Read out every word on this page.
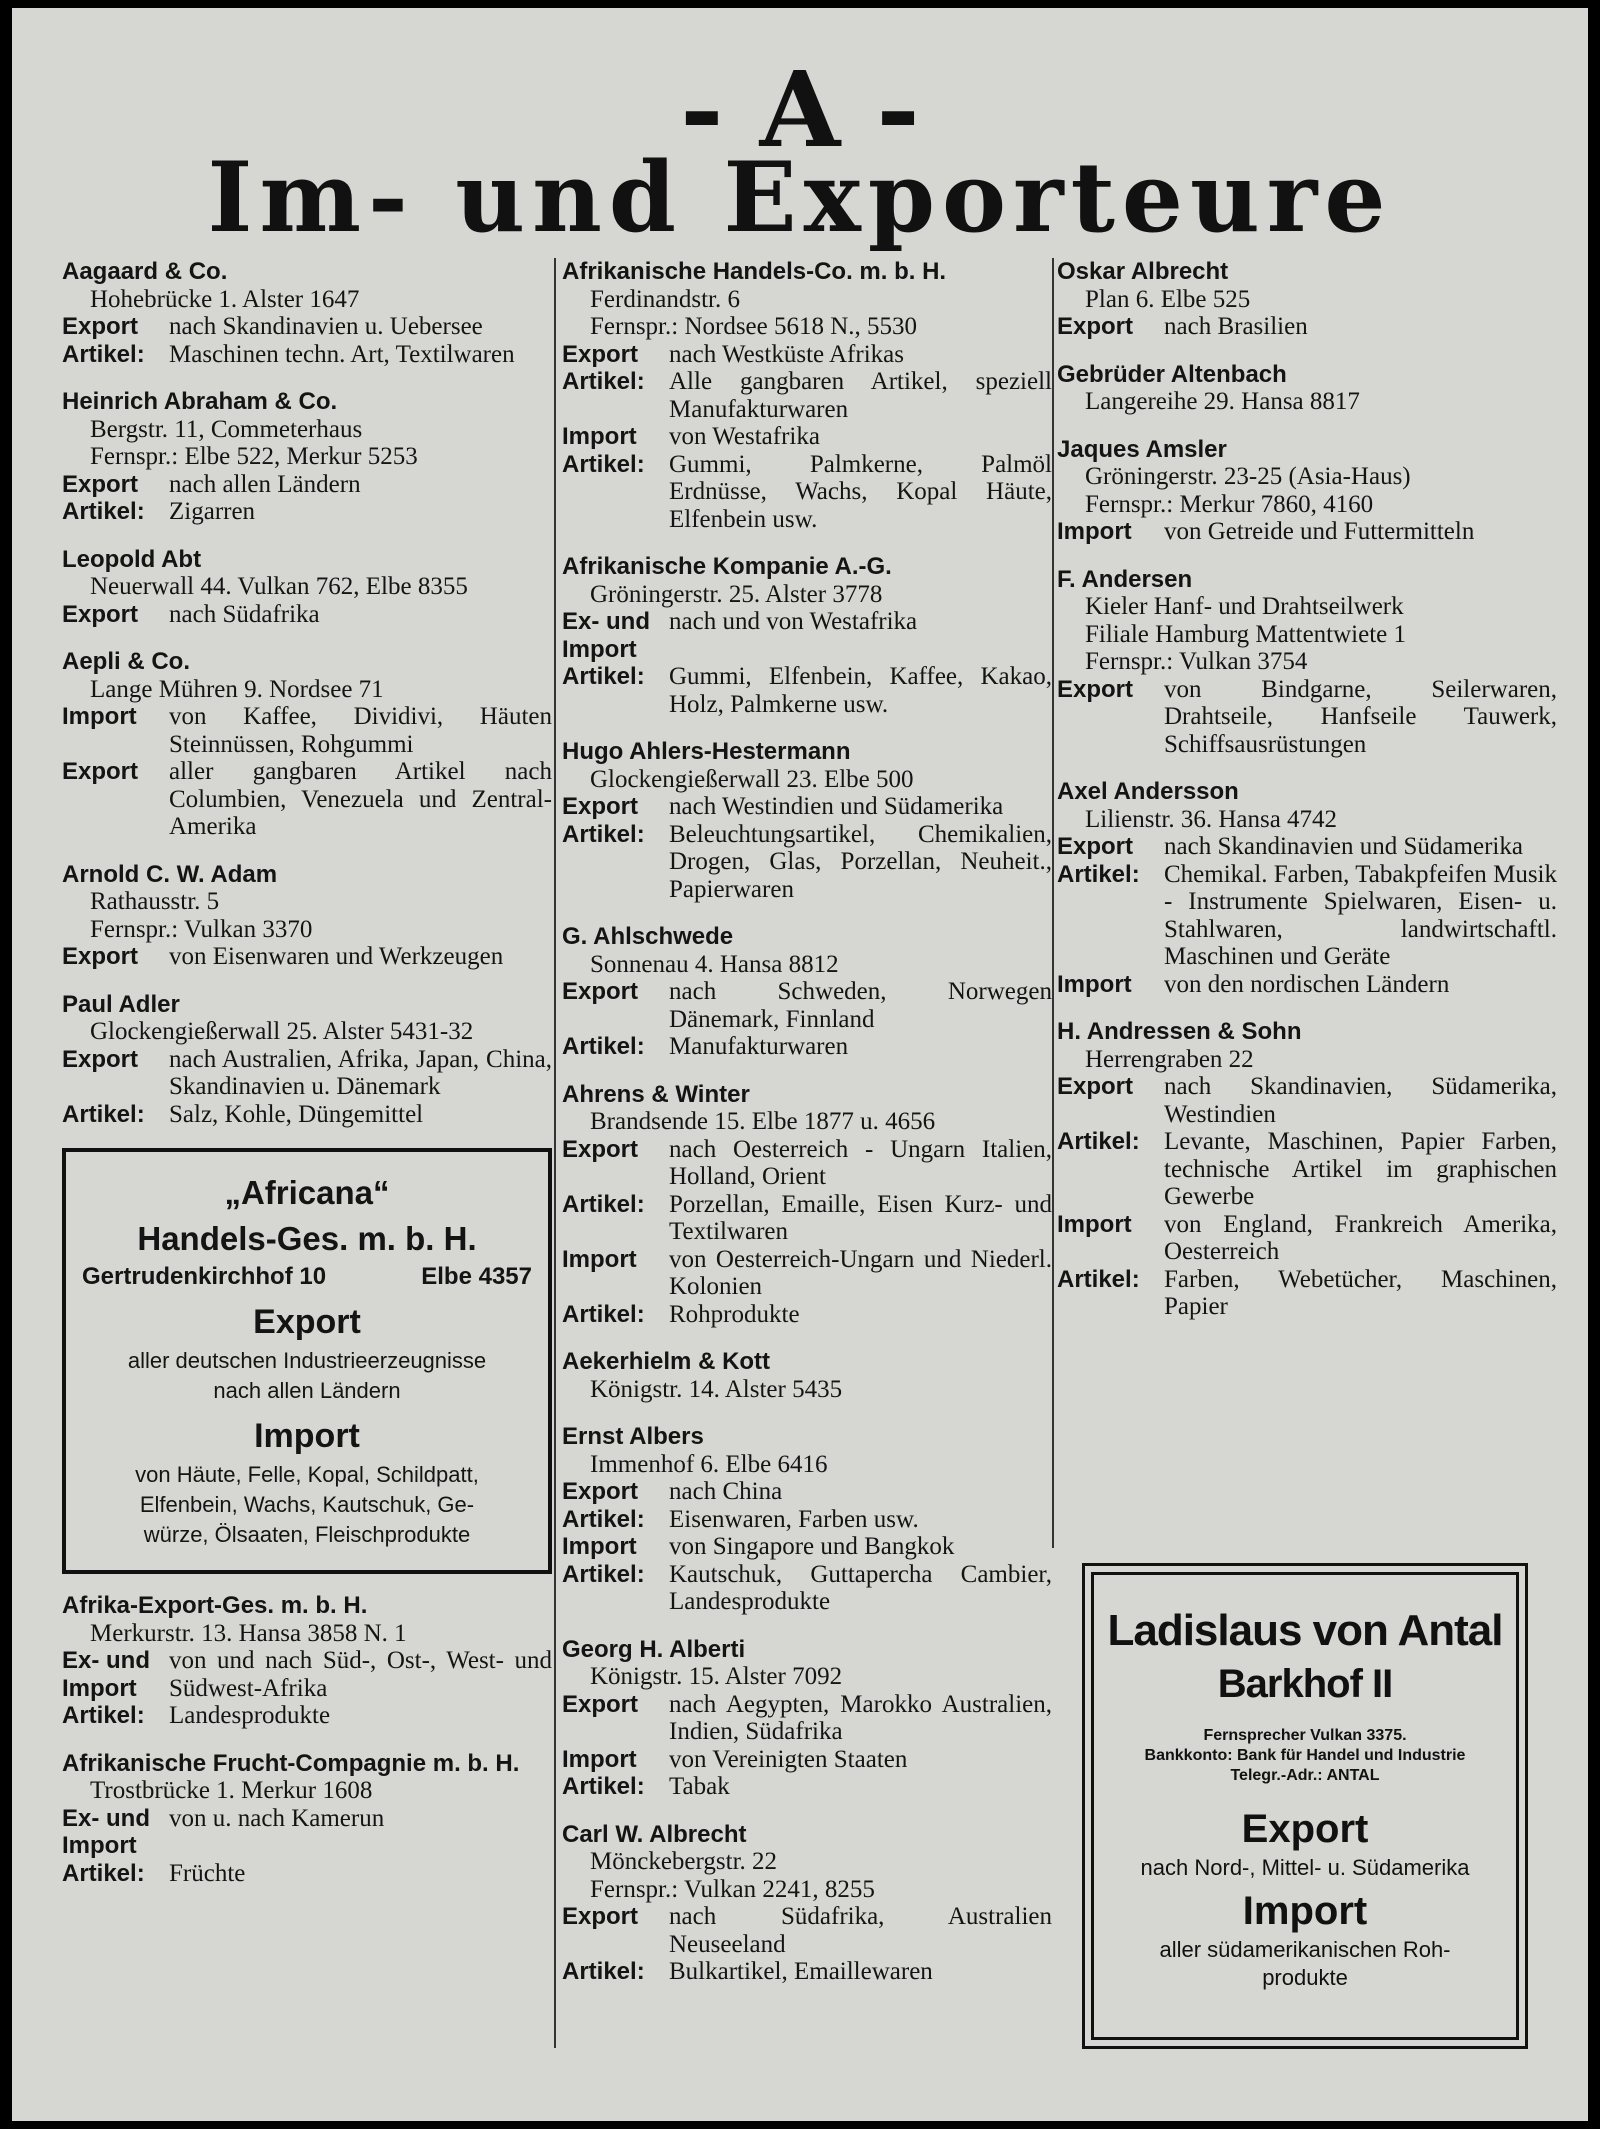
- A -
Im- und Exporteure
Aagaard & Co.
Hohebrücke 1. Alster 1647
Export	nach Skandinavien u. Uebersee
Artikel: Maschinen techn. Art, Textilwaren
Heinrich Abraham & Co.
Bergstr. 11, Commeterhaus
Fernspr.: Elbe 522, Merkur 5253
Export	nach allen Ländern
Artikel: Zigarren
Leopold Abt
Neuerwall 44. Vulkan 762, Elbe 8355
Export	nach Südafrika
Aepli & Co.
Lange Mühren 9. Nordsee 71
Import	von Kaffee, Dividivi, Häuten Steinnüssen, Rohgummi
Export	aller gangbaren Artikel nach Columbien, Venezuela und Zentral-Amerika
Arnold C. W. Adam
Rathausstr. 5
Fernspr.: Vulkan 3370
Export	von Eisenwaren und Werkzeugen
Paul Adler
Glockengießerwall 25. Alster 5431-32
Export	nach Australien, Afrika, Japan, China, Skandinavien u. Dänemark
Artikel: Salz, Kohle, Düngemittel
„Africana“
Handels-Ges. m. b. H.
Gertrudenkirchhof 10	Elbe 4357
Export
aller deutschen Industrieerzeugnisse
nach allen Ländern
Import
von Häute, Felle, Kopal, Schildpatt,
Elfenbein, Wachs, Kautschuk, Ge-
würze, Ölsaaten, Fleischprodukte
Afrika-Export-Ges. m. b. H.
Merkurstr. 13. Hansa 3858 N. 1
Ex- und Import
von und nach Süd-, Ost-, West- und Südwest-Afrika
Artikel: Landesprodukte
Afrikanische Frucht-Compagnie m. b. H.
Trostbrücke 1. Merkur 1608
Ex- und Import
von u. nach Kamerun
Artikel: Früchte
Afrikanische Handels-Co. m. b. H.
Ferdinandstr. 6
Fernspr.: Nordsee 5618 N., 5530
Export	nach Westküste Afrikas
Artikel: Alle gangbaren Artikel, speziell Manufakturwaren
Import	von Westafrika
Artikel: Gummi, Palmkerne, Palmöl Erdnüsse, Wachs, Kopal Häute, Elfenbein usw.
Afrikanische Kompanie A.-G.
Gröningerstr. 25. Alster 3778
Ex- und Import
nach und von Westafrika
Artikel: Gummi, Elfenbein, Kaffee, Kakao, Holz, Palmkerne usw.
Hugo Ahlers-Hestermann
Glockengießerwall 23. Elbe 500
Export	nach Westindien und Südamerika
Artikel: Beleuchtungsartikel, Chemikalien, Drogen, Glas, Porzellan, Neuheit., Papierwaren
G. Ahlschwede
Sonnenau 4. Hansa 8812
Export	nach Schweden, Norwegen Dänemark, Finnland
Artikel: Manufakturwaren
Ahrens & Winter
Brandsende 15. Elbe 1877 u. 4656
Export	nach Oesterreich - Ungarn Italien, Holland, Orient
Artikel: Porzellan, Emaille, Eisen Kurz- und Textilwaren
Import	von Oesterreich-Ungarn und Niederl. Kolonien
Artikel: Rohprodukte
Aekerhielm & Kott
Königstr. 14. Alster 5435
Ernst Albers
Immenhof 6. Elbe 6416
Export	nach China
Artikel: Eisenwaren, Farben usw.
Import	von Singapore und Bangkok
Artikel: Kautschuk, Guttapercha Cambier, Landesprodukte
Georg H. Alberti
Königstr. 15. Alster 7092
Export	nach Aegypten, Marokko Australien, Indien, Südafrika
Import	von Vereinigten Staaten
Artikel: Tabak
Carl W. Albrecht
Mönckebergstr. 22
Fernspr.: Vulkan 2241, 8255
Export	nach Südafrika, Australien Neuseeland
Artikel: Bulkartikel, Emaillewaren
Oskar Albrecht
Plan 6. Elbe 525
Export	nach Brasilien
Gebrüder Altenbach
Langereihe 29. Hansa 8817
Jaques Amsler
Gröningerstr. 23-25 (Asia-Haus)
Fernspr.: Merkur 7860, 4160
Import	von Getreide und Futtermitteln
F. Andersen
Kieler Hanf- und Drahtseilwerk
Filiale Hamburg Mattentwiete 1
Fernspr.: Vulkan 3754
Export	von Bindgarne, Seilerwaren, Drahtseile, Hanfseile Tauwerk, Schiffsausrüstungen
Axel Andersson
Lilienstr. 36. Hansa 4742
Export	nach Skandinavien und Südamerika
Artikel: Chemikal. Farben, Tabakpfeifen Musik - Instrumente Spielwaren, Eisen- u. Stahlwaren, landwirtschaftl. Maschinen und Geräte
Import	von den nordischen Ländern
H. Andressen & Sohn
Herrengraben 22
Export	nach Skandinavien, Südamerika, Westindien
Artikel: Levante, Maschinen, Papier Farben, technische Artikel im graphischen Gewerbe
Import	von England, Frankreich Amerika, Oesterreich
Artikel: Farben, Webetücher, Maschinen, Papier
Ladislaus von Antal
Barkhof II
Fernsprecher Vulkan 3375.
Bankkonto: Bank für Handel und Industrie
Telegr.-Adr.: ANTAL
Export
nach Nord-, Mittel- u. Südamerika
Import
aller südamerikanischen Roh-
produkte
